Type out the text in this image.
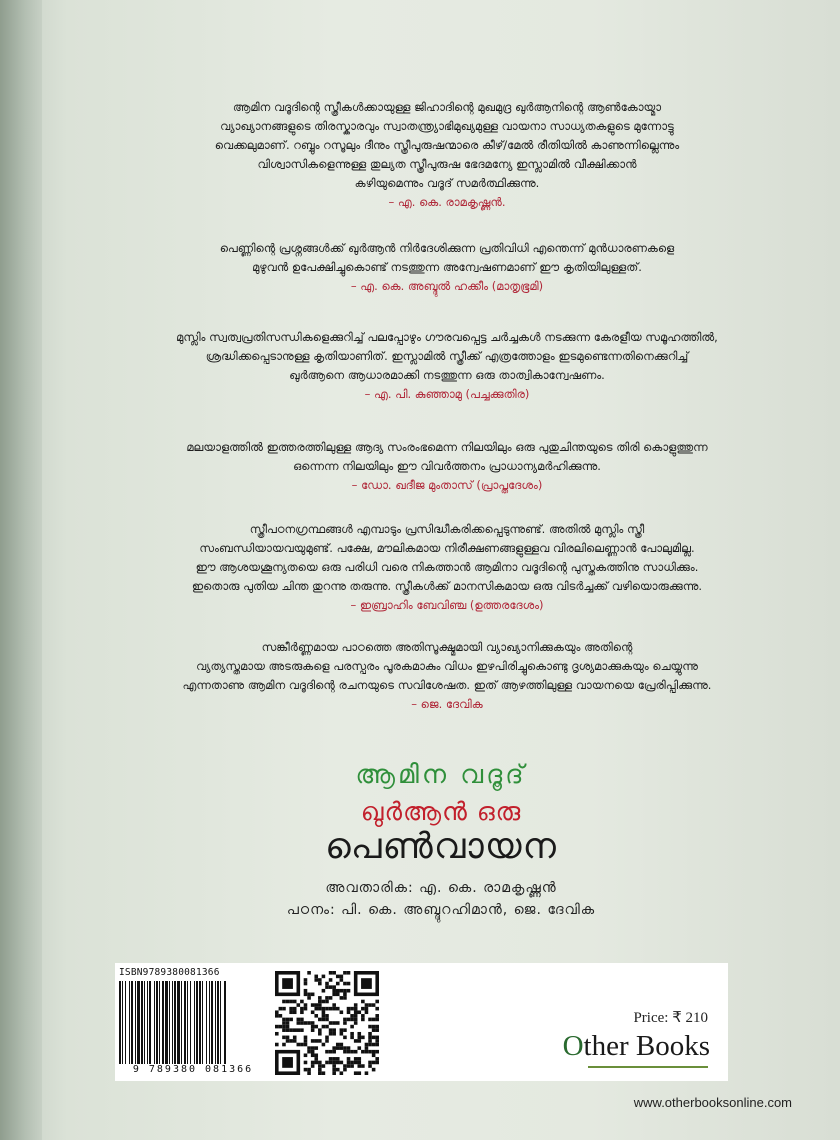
ആമിന വദൂദിന്റെ സ്ത്രീകൾക്കായുള്ള ജിഹാദിന്റെ മുഖമുദ്ര ഖുർആനിന്റെ ആൺകോയ്മാ

വ്യാഖ്യാനങ്ങളുടെ തിരസ്കാരവും സ്വാതന്ത്ര്യാഭിമുഖ്യമുള്ള വായനാ സാധ്യതകളുടെ മുന്നോട്ടു

വെക്കലുമാണ്. റബ്ബും റസൂലും ദീനും സ്ത്രീപുരുഷന്മാരെ കീഴ്/മേൽ രീതിയിൽ കാണുന്നില്ലെന്നും

വിശ്വാസികളെന്നുള്ള തുല്യത സ്ത്രീപുരുഷ ഭേദമന്യേ ഇസ്ലാമിൽ വീക്ഷിക്കാൻ

കഴിയുമെന്നും വദൂദ് സമർത്ഥിക്കുന്നു.

– എ. കെ. രാമകൃഷ്ണൻ.

പെണ്ണിന്റെ പ്രശ്നങ്ങൾക്ക് ഖുർആൻ നിർദേശിക്കുന്ന പ്രതിവിധി എന്തെന്ന് മുൻധാരണകളെ

മുഴുവൻ ഉപേക്ഷിച്ചുകൊണ്ട് നടത്തുന്ന അന്വേഷണമാണ് ഈ കൃതിയിലുള്ളത്.

– എ. കെ. അബ്ദുൽ ഹക്കീം (മാതൃഭൂമി)

മുസ്ലിം സ്വത്വപ്രതിസന്ധികളെക്കുറിച്ച് പലപ്പോഴും ഗൗരവപ്പെട്ട ചർച്ചകൾ നടക്കുന്ന കേരളീയ സമൂഹത്തിൽ,

ശ്രദ്ധിക്കപ്പെടാനുള്ള കൃതിയാണിത്. ഇസ്ലാമിൽ സ്ത്രീക്ക് എത്രത്തോളം ഇടമുണ്ടെന്നതിനെക്കുറിച്ച്

ഖുർആനെ ആധാരമാക്കി നടത്തുന്ന ഒരു താത്വികാന്വേഷണം.

– എ. പി. കുഞ്ഞാമു (പച്ചക്കുതിര)

മലയാളത്തിൽ ഇത്തരത്തിലുള്ള ആദ്യ സംരംഭമെന്ന നിലയിലും ഒരു പുതുചിന്തയുടെ തിരി കൊളുത്തുന്ന

ഒന്നെന്ന നിലയിലും ഈ വിവർത്തനം പ്രാധാന്യമർഹിക്കുന്നു.

– ഡോ. ഖദീജ മുംതാസ് (പ്രാപ്തദേശം)

സ്ത്രീപഠനഗ്രന്ഥങ്ങൾ എമ്പാടും പ്രസിദ്ധീകരിക്കപ്പെടുന്നുണ്ട്. അതിൽ മുസ്ലിം സ്ത്രീ

സംബന്ധിയായവയുമുണ്ട്. പക്ഷേ, മൗലികമായ നിരീക്ഷണങ്ങളുള്ളവ വിരലിലെണ്ണാൻ പോലുമില്ല.

ഈ ആശയശൂന്യതയെ ഒരു പരിധി വരെ നികത്താൻ ആമിനാ വദൂദിന്റെ പുസ്തകത്തിനു സാധിക്കും.

ഇതൊരു പുതിയ ചിന്ത തുറന്നു തരുന്നു. സ്ത്രീകൾക്ക് മാനസികമായ ഒരു വിടർച്ചക്ക് വഴിയൊരുക്കുന്നു.

– ഇബ്രാഹിം ബേവിഞ്ച (ഉത്തരദേശം)

സങ്കീർണ്ണമായ പാഠത്തെ അതിസൂക്ഷ്മമായി വ്യാഖ്യാനിക്കുകയും അതിന്റെ

വ്യത്യസ്തമായ അടരുകളെ പരസ്പരം പൂരകമാകും വിധം ഇഴപിരിച്ചുകൊണ്ടു ദൃശ്യമാക്കുകയും ചെയ്യുന്നു

എന്നതാണു ആമിന വദൂദിന്റെ രചനയുടെ സവിശേഷത. ഇത് ആഴത്തിലുള്ള വായനയെ പ്രേരിപ്പിക്കുന്നു.

– ജെ. ദേവിക

ആമിന വദൂദ്
ഖുർആൻ ഒരു
പെൺവായന
അവതാരിക: എ. കെ. രാമകൃഷ്ണൻ
പഠനം: പി. കെ. അബ്ദുറഹിമാൻ, ജെ. ദേവിക
ISBN9789380081366
9 789380 081366
Price: ₹ 210
Other Books
www.otherbooksonline.com
